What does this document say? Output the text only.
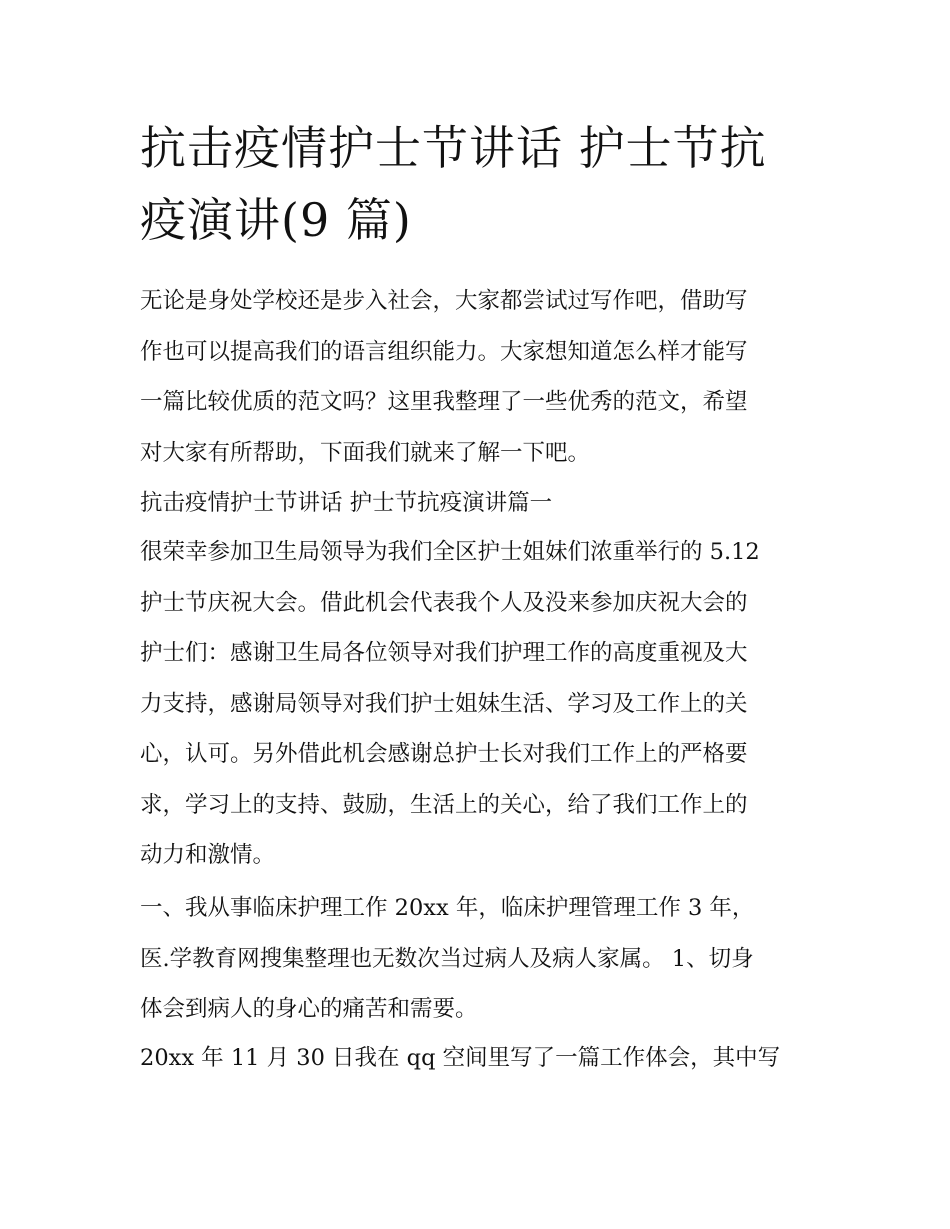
抗击疫情护士节讲话 护士节抗
疫演讲(9 篇)
无论是身处学校还是步入社会，大家都尝试过写作吧，借助写
作也可以提高我们的语言组织能力。大家想知道怎么样才能写
一篇比较优质的范文吗？这里我整理了一些优秀的范文，希望
对大家有所帮助，下面我们就来了解一下吧。
抗击疫情护士节讲话 护士节抗疫演讲篇一
很荣幸参加卫生局领导为我们全区护士姐妹们浓重举行的 5.12
护士节庆祝大会。借此机会代表我个人及没来参加庆祝大会的
护士们：感谢卫生局各位领导对我们护理工作的高度重视及大
力支持，感谢局领导对我们护士姐妹生活、学习及工作上的关
心，认可。另外借此机会感谢总护士长对我们工作上的严格要
求，学习上的支持、鼓励，生活上的关心，给了我们工作上的
动力和激情。
一、我从事临床护理工作 20xx 年，临床护理管理工作 3 年，
医.学教育网搜集整理也无数次当过病人及病人家属。 1、切身
体会到病人的身心的痛苦和需要。
20xx 年 11 月 30 日我在 qq 空间里写了一篇工作体会，其中写
